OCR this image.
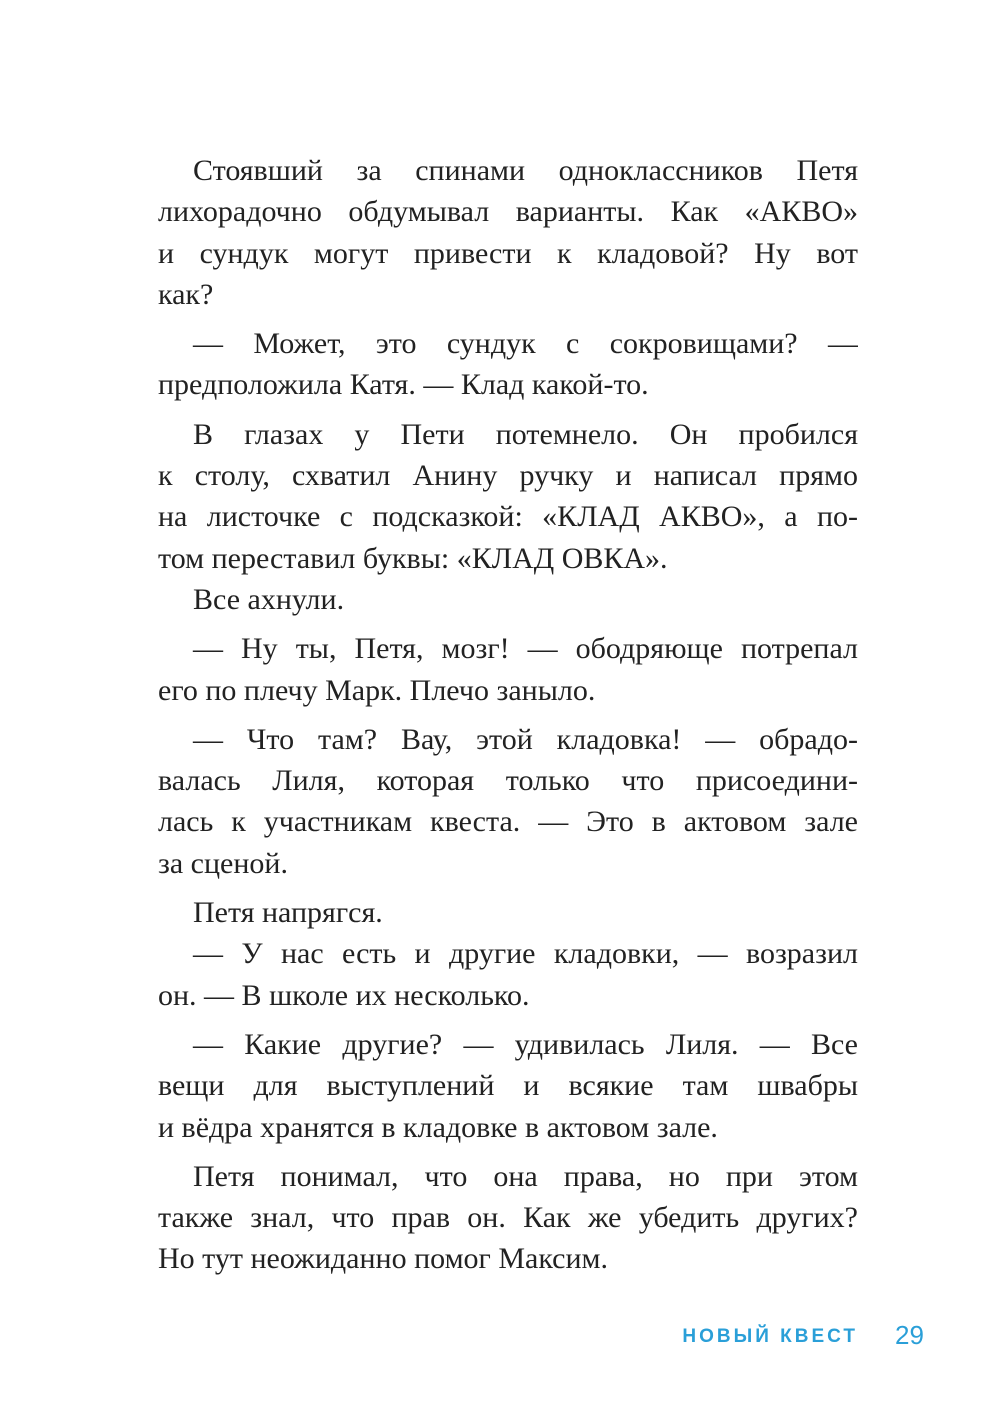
Стоявший за спинами одноклассников Петя
лихорадочно обдумывал варианты. Как «АКВО»
и сундук могут привести к кладовой? Ну вот
как?
— Может, это сундук с сокровищами? —
предположила Катя. — Клад какой-то.
В глазах у Пети потемнело. Он пробился
к столу, схватил Анину ручку и написал прямо
на листочке с подсказкой: «КЛАД АКВО», а по-
том переставил буквы: «КЛАД ОВКА».
Все ахнули.
— Ну ты, Петя, мозг! — ободряюще потрепал
его по плечу Марк. Плечо заныло.
— Что там? Вау, этой кладовка! — обрадо-
валась Лиля, которая только что присоедини-
лась к участникам квеста. — Это в актовом зале
за сценой.
Петя напрягся.
— У нас есть и другие кладовки, — возразил
он. — В школе их несколько.
— Какие другие? — удивилась Лиля. — Все
вещи для выступлений и всякие там швабры
и вёдра хранятся в кладовке в актовом зале.
Петя понимал, что она права, но при этом
также знал, что прав он. Как же убедить других?
Но тут неожиданно помог Максим.
НОВЫЙ КВЕСТ 29
